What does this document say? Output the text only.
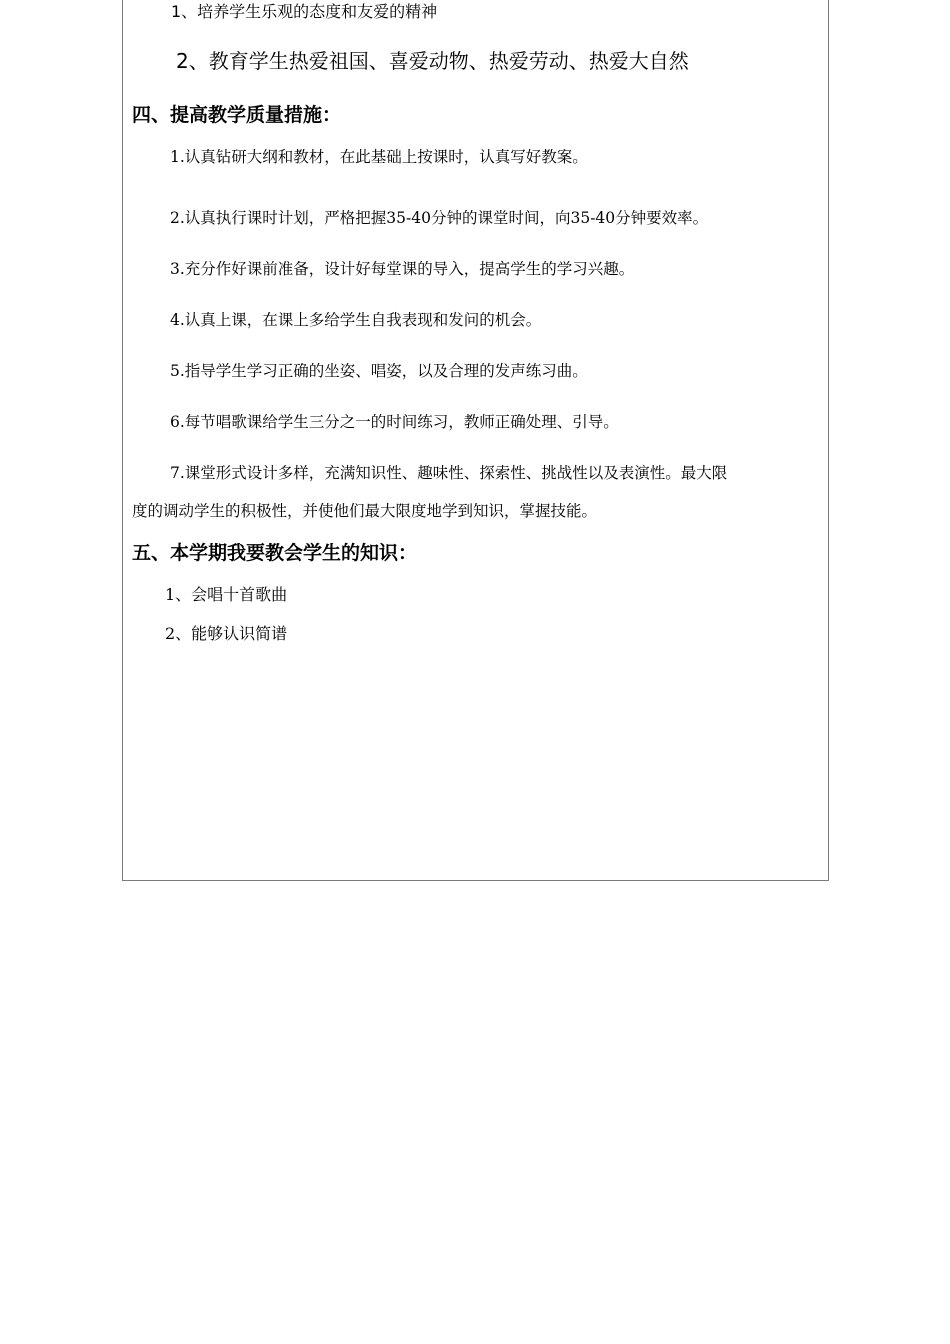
1、培养学生乐观的态度和友爱的精神
2、教育学生热爱祖国、喜爱动物、热爱劳动、热爱大自然
四、提高教学质量措施：
1.认真钻研大纲和教材，在此基础上按课时，认真写好教案。
2.认真执行课时计划，严格把握35-40分钟的课堂时间，向35-40分钟要效率。
3.充分作好课前准备，设计好每堂课的导入，提高学生的学习兴趣。
4.认真上课，在课上多给学生自我表现和发问的机会。
5.指导学生学习正确的坐姿、唱姿，以及合理的发声练习曲。
6.每节唱歌课给学生三分之一的时间练习，教师正确处理、引导。
7.课堂形式设计多样，充满知识性、趣味性、探索性、挑战性以及表演性。最大限
度的调动学生的积极性，并使他们最大限度地学到知识，掌握技能。
五、本学期我要教会学生的知识：
1、会唱十首歌曲
2、能够认识简谱
